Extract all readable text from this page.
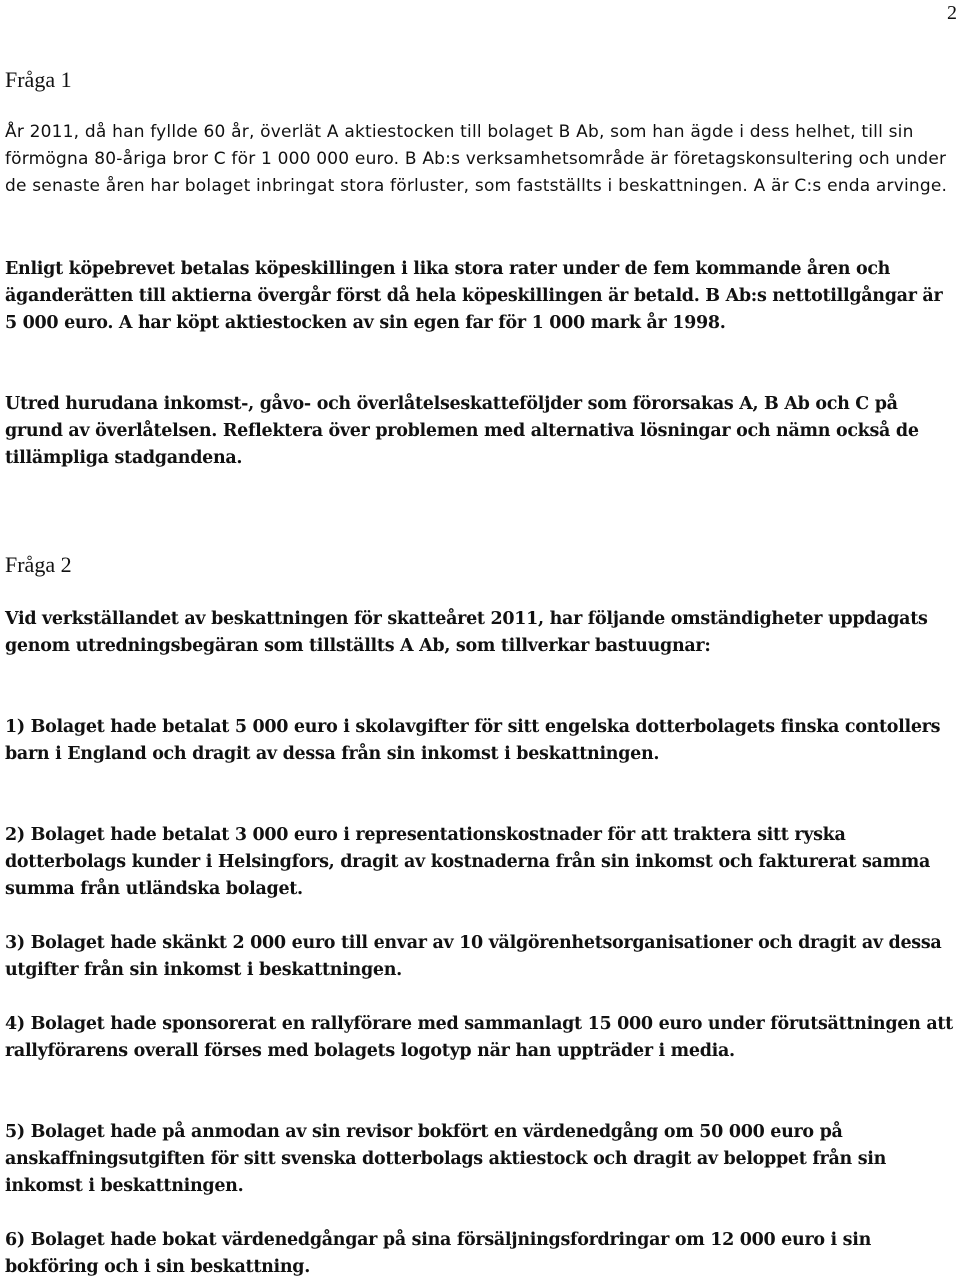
2

Fråga 1

År 2011, då han fyllde 60 år, överlät A aktiestocken till bolaget B Ab, som han ägde i dess helhet, till sin förmögna 80-åriga bror C för 1 000 000 euro. B Ab:s verksamhetsområde är företagskonsultering och under de senaste åren har bolaget inbringat stora förluster, som fastställts i beskattningen. A är C:s enda arvinge.

Enligt köpebrevet betalas köpeskillingen i lika stora rater under de fem kommande åren och äganderätten till aktierna övergår först då hela köpeskillingen är betald. B Ab:s nettotillgångar är 5 000 euro. A har köpt aktiestocken av sin egen far för 1 000 mark år 1998.

Utred hurudana inkomst-, gåvo- och överlåtelseskatteföljder som förorsakas A, B Ab och C på grund av överlåtelsen. Reflektera över problemen med alternativa lösningar och nämn också de tillämpliga stadgandena.

Fråga 2

Vid verkställandet av beskattningen för skatteåret 2011, har följande omständigheter uppdagats genom utredningsbegäran som tillställts A Ab, som tillverkar bastuugnar:

1) Bolaget hade betalat 5 000 euro i skolavgifter för sitt engelska dotterbolagets finska contollers barn i England och dragit av dessa från sin inkomst i beskattningen.

2) Bolaget hade betalat 3 000 euro i representationskostnader för att traktera sitt ryska dotterbolags kunder i Helsingfors, dragit av kostnaderna från sin inkomst och fakturerat samma summa från utländska bolaget.

3) Bolaget hade skänkt 2 000 euro till envar av 10 välgörenhetsorganisationer och dragit av dessa utgifter från sin inkomst i beskattningen.

4) Bolaget hade sponsorerat en rallyförare med sammanlagt 15 000 euro under förutsättningen att rallyförarens overall förses med bolagets logotyp när han uppträder i media.

5) Bolaget hade på anmodan av sin revisor bokfört en värdenedgång om 50 000 euro på anskaffningsutgiften för sitt svenska dotterbolags aktiestock och dragit av beloppet från sin inkomst i beskattningen.

6) Bolaget hade bokat värdenedgångar på sina försäljningsfordringar om 12 000 euro i sin bokföring och i sin beskattning.
